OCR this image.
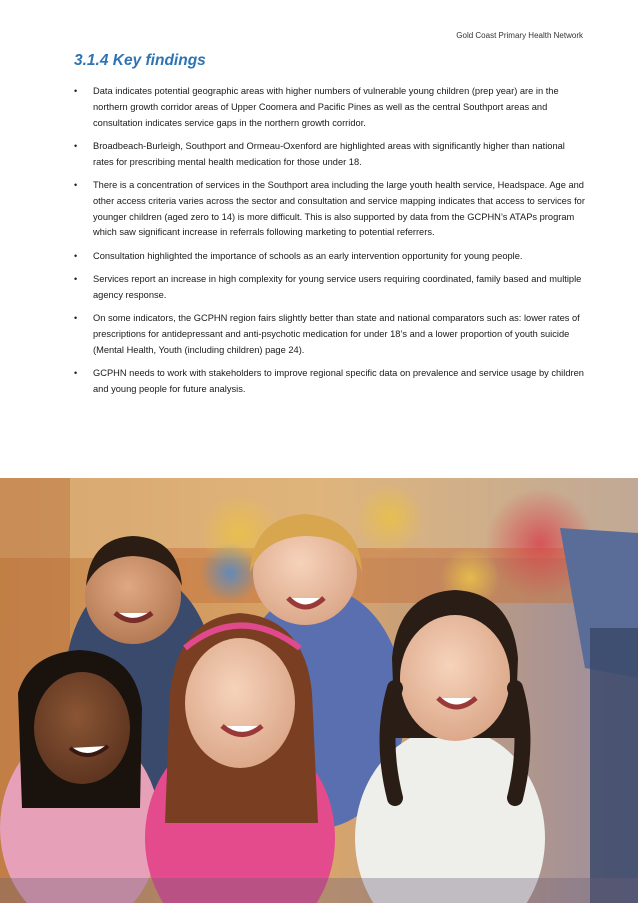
Gold Coast Primary Health Network
3.1.4 Key findings
• Data indicates potential geographic areas with higher numbers of vulnerable young children (prep year) are in the northern growth corridor areas of Upper Coomera and Pacific Pines as well as the central Southport areas and consultation indicates service gaps in the northern growth corridor.
• Broadbeach-Burleigh, Southport and Ormeau-Oxenford are highlighted areas with significantly higher than national rates for prescribing mental health medication for those under 18.
• There is a concentration of services in the Southport area including the large youth health service, Headspace. Age and other access criteria varies across the sector and consultation and service mapping indicates that access to services for younger children (aged zero to 14) is more difficult. This is also supported by data from the GCPHN’s ATAPs program which saw significant increase in referrals following marketing to potential referrers.
• Consultation highlighted the importance of schools as an early intervention opportunity for young people.
• Services report an increase in high complexity for young service users requiring coordinated, family based and multiple agency response.
• On some indicators, the GCPHN region fairs slightly better than state and national comparators such as: lower rates of prescriptions for antidepressant and anti-psychotic medication for under 18’s and a lower proportion of youth suicide (Mental Health, Youth (including children) page 24).
• GCPHN needs to work with stakeholders to improve regional specific data on prevalence and service usage by children and young people for future analysis.
